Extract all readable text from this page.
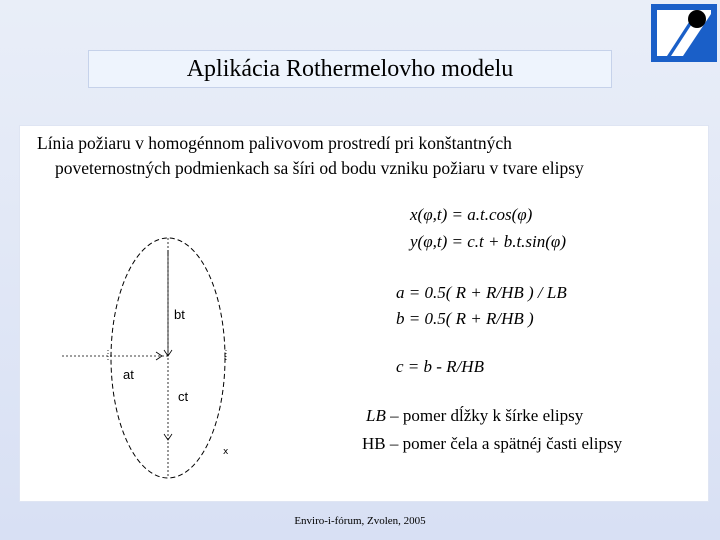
Aplikácia Rothermelovho modelu
Línia požiaru v homogénnom palivovom prostredí pri konštantných
poveternostných podmienkach sa šíri od bodu vzniku požiaru v tvare elipsy
x(φ,t) = a.t.cos(φ)
y(φ,t) = c.t + b.t.sin(φ)
a = 0.5( R + R/HB ) / LB
b = 0.5( R + R/HB )
c = b - R/HB
LB – pomer dĺžky k šírke elipsy
HB – pomer čela a spätnéj časti elipsy
x
bt
at
ct
Enviro-i-fórum, Zvolen, 2005
